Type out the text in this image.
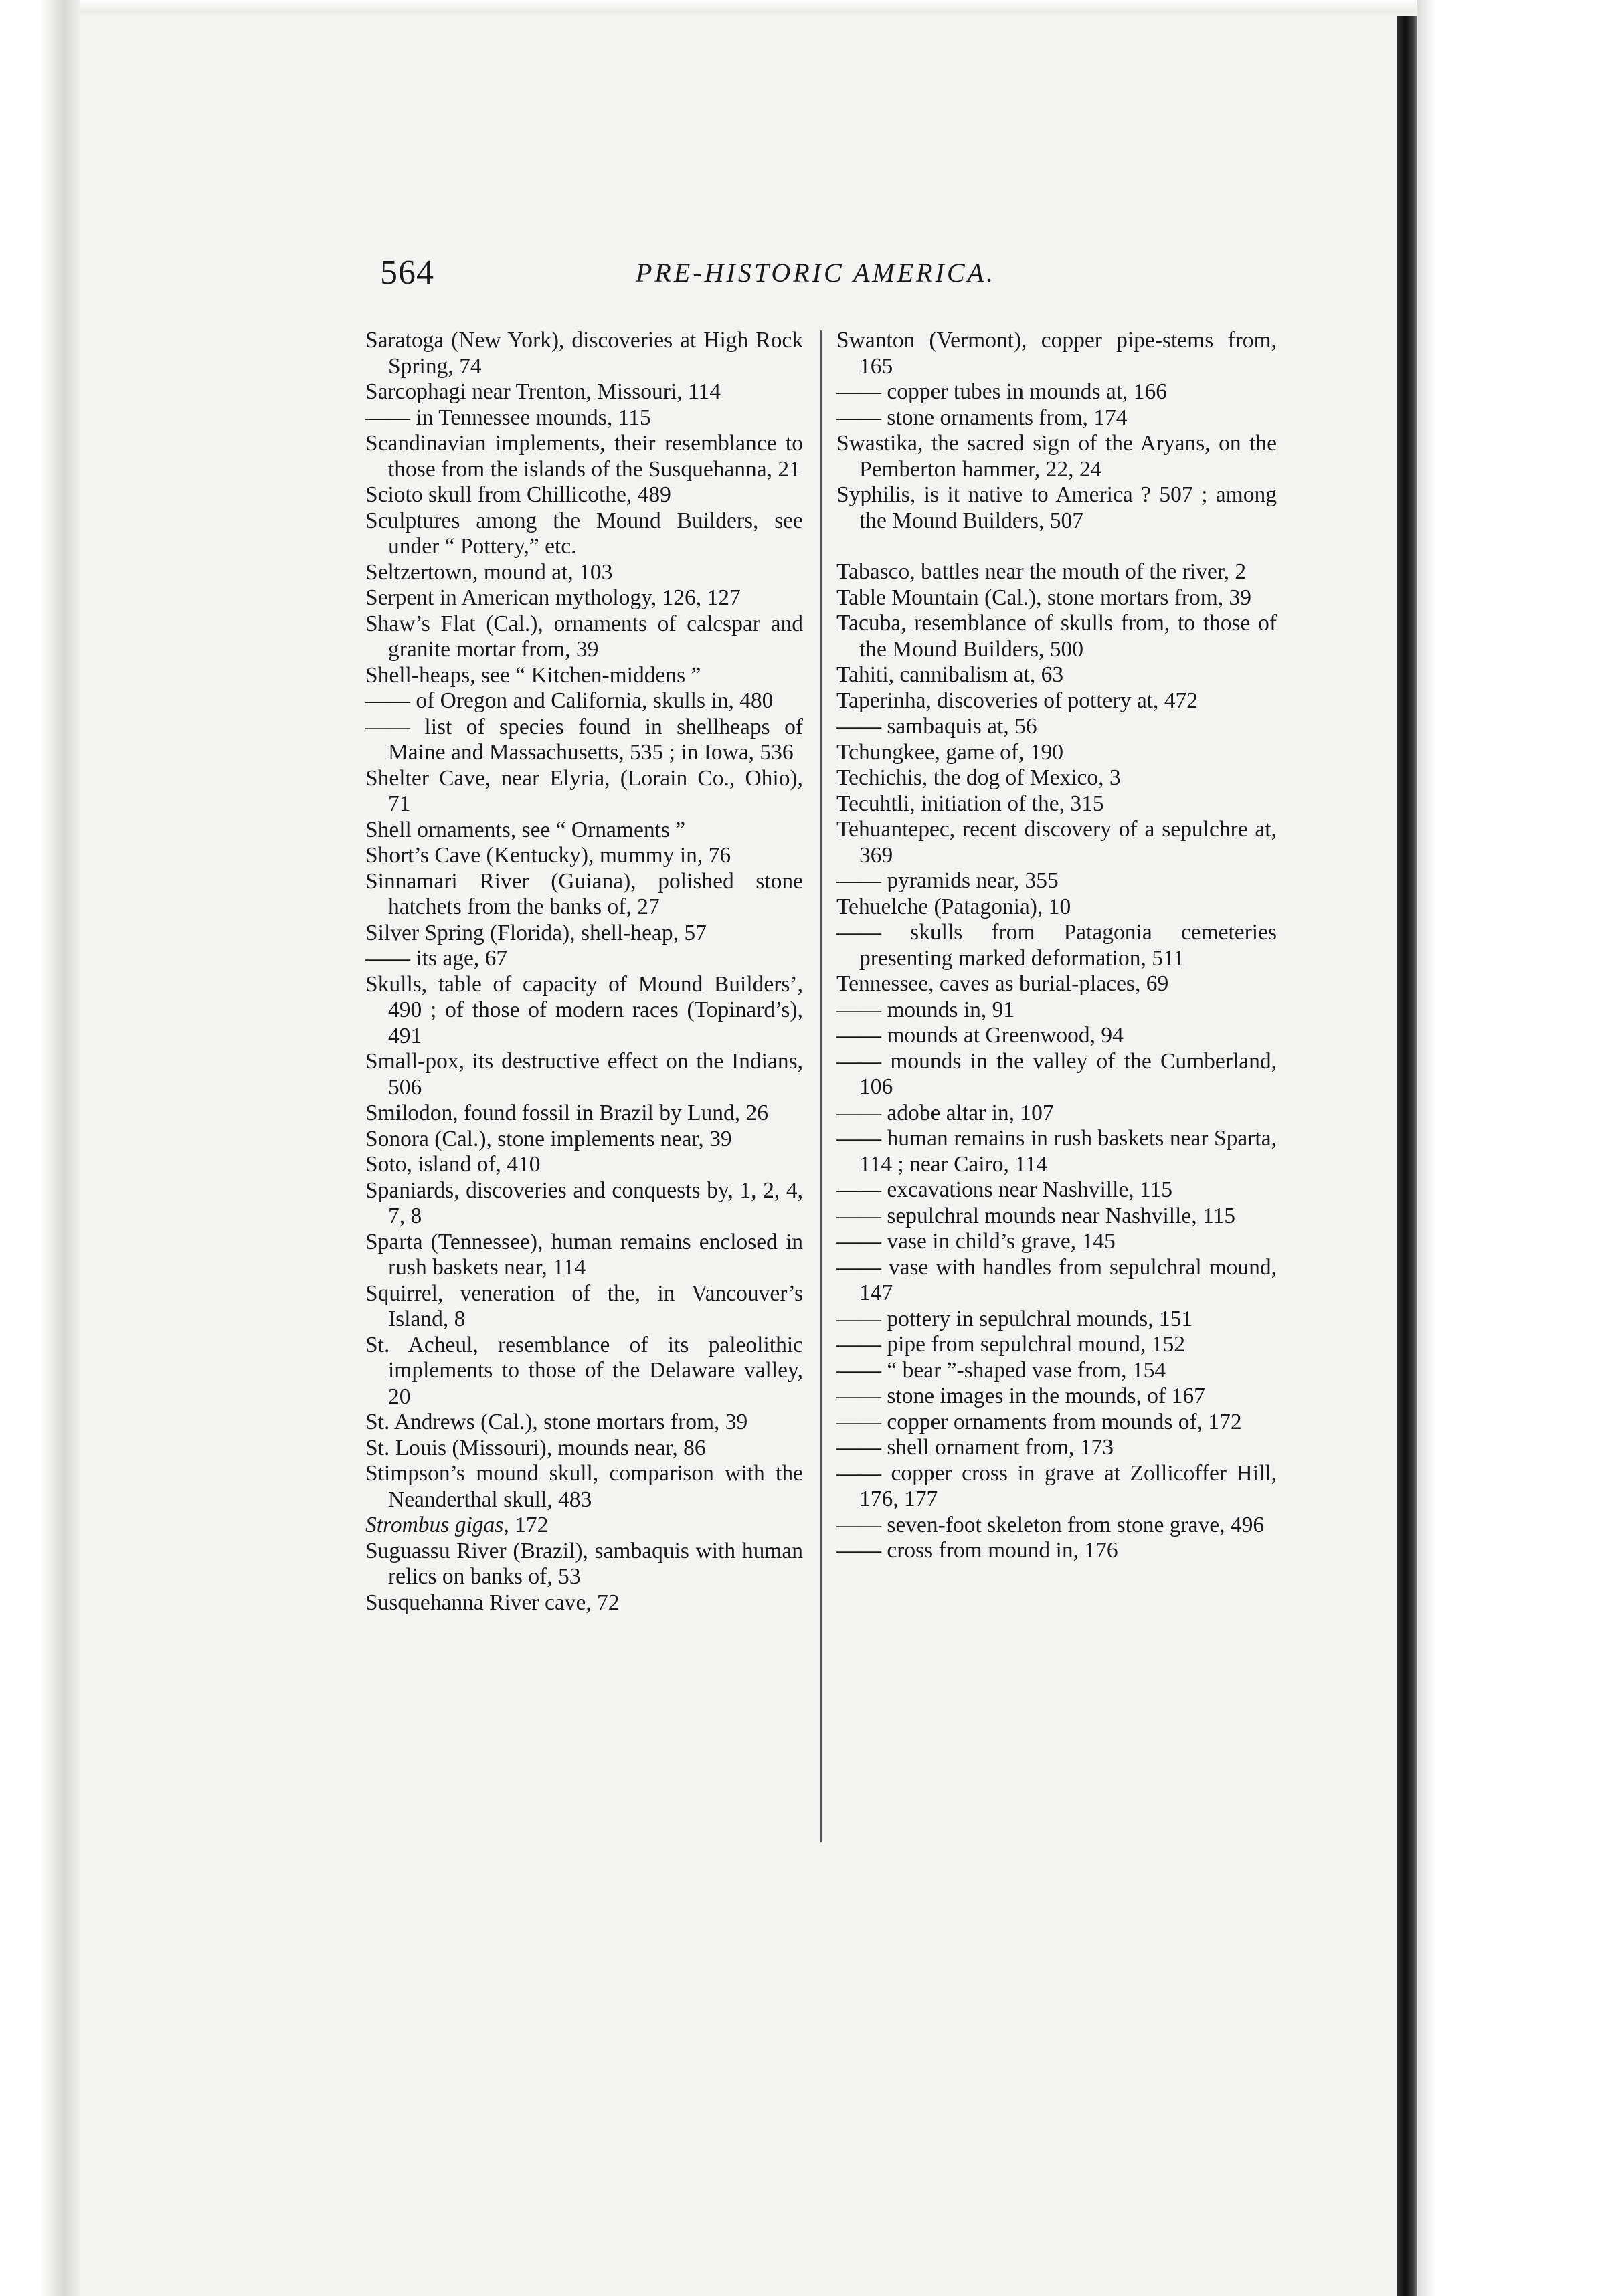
564	PRE-HISTORIC AMERICA.

Saratoga (New York), discoveries at High Rock Spring, 74

Sarcophagi near Trenton, Missouri, 114

—— in Tennessee mounds, 115

Scandinavian implements, their resemblance to those from the islands of the Susquehanna, 21

Scioto skull from Chillicothe, 489

Sculptures among the Mound Builders, see under “ Pottery,” etc.

Seltzertown, mound at, 103

Serpent in American mythology, 126, 127

Shaw’s Flat (Cal.), ornaments of calcspar and granite mortar from, 39

Shell-heaps, see “ Kitchen-middens ”

—— of Oregon and California, skulls in, 480

—— list of species found in shellheaps of Maine and Massachusetts, 535 ; in Iowa, 536

Shelter Cave, near Elyria, (Lorain Co., Ohio), 71

Shell ornaments, see “ Ornaments ”

Short’s Cave (Kentucky), mummy in, 76

Sinnamari River (Guiana), polished stone hatchets from the banks of, 27

Silver Spring (Florida), shell-heap, 57

—— its age, 67

Skulls, table of capacity of Mound Builders’, 490 ; of those of modern races (Topinard’s), 491

Small-pox, its destructive effect on the Indians, 506

Smilodon, found fossil in Brazil by Lund, 26

Sonora (Cal.), stone implements near, 39

Soto, island of, 410

Spaniards, discoveries and conquests by, 1, 2, 4, 7, 8

Sparta (Tennessee), human remains enclosed in rush baskets near, 114

Squirrel, veneration of the, in Vancouver’s Island, 8

St. Acheul, resemblance of its paleolithic implements to those of the Delaware valley, 20

St. Andrews (Cal.), stone mortars from, 39

St. Louis (Missouri), mounds near, 86

Stimpson’s mound skull, comparison with the Neanderthal skull, 483

Strombus gigas, 172

Suguassu River (Brazil), sambaquis with human relics on banks of, 53

Susquehanna River cave, 72

Swanton (Vermont), copper pipe-stems from, 165

—— copper tubes in mounds at, 166

—— stone ornaments from, 174

Swastika, the sacred sign of the Aryans, on the Pemberton hammer, 22, 24

Syphilis, is it native to America ? 507 ; among the Mound Builders, 507

Tabasco, battles near the mouth of the river, 2

Table Mountain (Cal.), stone mortars from, 39

Tacuba, resemblance of skulls from, to those of the Mound Builders, 500

Tahiti, cannibalism at, 63

Taperinha, discoveries of pottery at, 472

—— sambaquis at, 56

Tchungkee, game of, 190

Techichis, the dog of Mexico, 3

Tecuhtli, initiation of the, 315

Tehuantepec, recent discovery of a sepulchre at, 369

—— pyramids near, 355

Tehuelche (Patagonia), 10

—— skulls from Patagonia cemeteries presenting marked deformation, 511

Tennessee, caves as burial-places, 69

—— mounds in, 91

—— mounds at Greenwood, 94

—— mounds in the valley of the Cumberland, 106

—— adobe altar in, 107

—— human remains in rush baskets near Sparta, 114 ; near Cairo, 114

—— excavations near Nashville, 115

—— sepulchral mounds near Nashville, 115

—— vase in child’s grave, 145

—— vase with handles from sepulchral mound, 147

—— pottery in sepulchral mounds, 151

—— pipe from sepulchral mound, 152

—— “ bear ”-shaped vase from, 154

—— stone images in the mounds, of 167

—— copper ornaments from mounds of, 172

—— shell ornament from, 173

—— copper cross in grave at Zollicoffer Hill, 176, 177

—— seven-foot skeleton from stone grave, 496

—— cross from mound in, 176
